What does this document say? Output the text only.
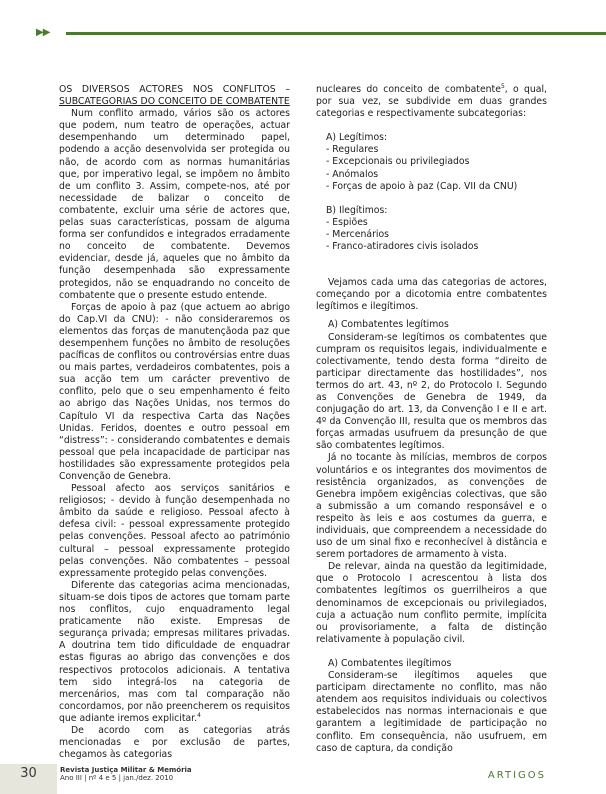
▶▶
OS DIVERSOS ACTORES NOS CONFLITOS –
SUBCATEGORIAS DO CONCEITO DE COMBATENTE

Num conflito armado, vários são os actores que podem, num teatro de operações, actuar desempenhando um determinado papel, podendo a acção desenvolvida ser protegida ou não, de acordo com as normas humanitárias que, por imperativo legal, se impõem no âmbito de um conflito 3. Assim, compete-nos, até por necessidade de balizar o conceito de combatente, excluir uma série de actores que, pelas suas características, possam de alguma forma ser confundidos e integrados erradamente no conceito de combatente. Devemos evidenciar, desde já, aqueles que no âmbito da função desempenhada são expressamente protegidos, não se enquadrando no conceito de combatente que o presente estudo entende.

Forças de apoio à paz (que actuem ao abrigo do Cap.VI da CNU): - não consideraremos os elementos das forças de manutençãoda paz que desempenhem funções no âmbito de resoluções pacíficas de conflitos ou controvérsias entre duas ou mais partes, verdadeiros combatentes, pois a sua acção tem um carácter preventivo de conflito, pelo que o seu empenhamento é feito ao abrigo das Nações Unidas, nos termos do Capítulo VI da respectiva Carta das Nações Unidas. Feridos, doentes e outro pessoal em “distress”: - considerando combatentes e demais pessoal que pela incapacidade de participar nas hostilidades são expressamente protegidos pela Convenção de Genebra.

Pessoal afecto aos serviços sanitários e religiosos; - devido à função desempenhada no âmbito da saúde e religioso. Pessoal afecto à defesa civil: - pessoal expressamente protegido pelas convenções. Pessoal afecto ao património cultural – pessoal expressamente protegido pelas convenções. Não combatentes – pessoal expressamente protegido pelas convenções.

Diferente das categorias acima mencionadas, situam-se dois tipos de actores que tomam parte nos conflitos, cujo enquadramento legal praticamente não existe. Empresas de segurança privada; empresas militares privadas. A doutrina tem tido dificuldade de enquadrar estas figuras ao abrigo das convenções e dos respectivos protocolos adicionais. A tentativa tem sido integrá-los na categoria de mercenários, mas com tal comparação não concordamos, por não preencherem os requisitos que adiante iremos explicitar.$^4$

De acordo com as categorias atrás mencionadas e por exclusão de partes, chegamos às categorias

nucleares do conceito de combatente$^5$, o qual, por sua vez, se subdivide em duas grandes categorias e respectivamente subcategorias:

A) Legítimos:
- Regulares
- Excepcionais ou privilegiados
- Anómalos
- Forças de apoio à paz (Cap. VII da CNU)
B) Ilegítimos:
- Espiões
- Mercenários
- Franco-atiradores civis isolados

Vejamos cada uma das categorias de actores, começando por a dicotomia entre combatentes legítimos e ilegítimos.

A) Combatentes legítimos

Consideram-se legítimos os combatentes que cumpram os requisitos legais, individualmente e colectivamente, tendo desta forma “direito de participar directamente das hostilidades”, nos termos do art. 43, nº 2, do Protocolo I. Segundo as Convenções de Genebra de 1949, da conjugação do art. 13, da Convenção I e II e art. 4º da Convenção III, resulta que os membros das forças armadas usufruem da presunção de que são combatentes legítimos.

Já no tocante às milícias, membros de corpos voluntários e os integrantes dos movimentos de resistência organizados, as convenções de Genebra impõem exigências colectivas, que são a submissão a um comando responsável e o respeito às leis e aos costumes da guerra, e individuais, que compreendem a necessidade do uso de um sinal fixo e reconhecível à distância e serem portadores de armamento à vista.

De relevar, ainda na questão da legitimidade, que o Protocolo I acrescentou à lista dos combatentes legítimos os guerrilheiros a que denominamos de excepcionais ou privilegiados, cuja a actuação num conflito permite, implícita ou provisoriamente, a falta de distinção relativamente à população civil.

A) Combatentes ilegítimos

Consideram-se ilegítimos aqueles que participam directamente no conflito, mas não atendem aos requisitos individuais ou colectivos estabelecidos nas normas internacionais e que garantem a legitimidade de participação no conflito. Em consequência, não usufruem, em caso de captura, da condição

30	Revista Justiça Militar & Memória
Ano III | nº 4 e 5 | jan./dez. 2010	ARTIGOS
